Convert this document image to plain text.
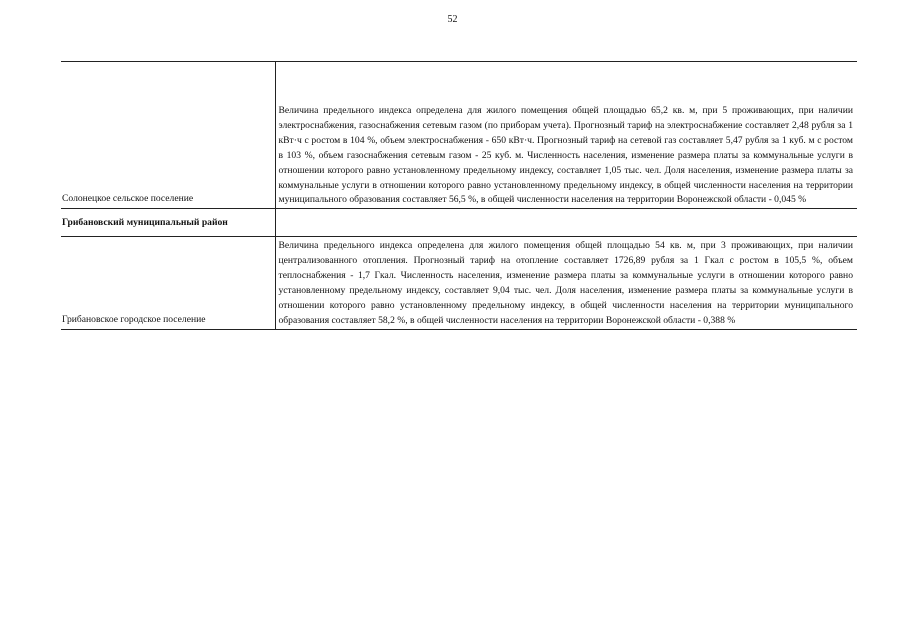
52
Солонецкое сельское поселение	Величина предельного индекса определена для жилого помещения общей площадью 65,2 кв. м, при 5 проживающих, при наличии электроснабжения, газоснабжения сетевым газом (по приборам учета). Прогнозный тариф на электроснабжение составляет 2,48 рубля за 1 кВт·ч с ростом в 104 %, объем электроснабжения - 650 кВт·ч. Прогнозный тариф на сетевой газ составляет 5,47 рубля за 1 куб. м с ростом в 103 %, объем газоснабжения сетевым газом - 25 куб. м. Численность населения, изменение размера платы за коммунальные услуги в отношении которого равно установленному предельному индексу, составляет 1,05 тыс. чел. Доля населения, изменение размера платы за коммунальные услуги в отношении которого равно установленному предельному индексу, в общей численности населения на территории муниципального образования составляет 56,5 %, в общей численности населения на территории Воронежской области - 0,045 %
Грибановский муниципальный район	
Грибановское городское поселение	Величина предельного индекса определена для жилого помещения общей площадью 54 кв. м, при 3 проживающих, при наличии централизованного отопления. Прогнозный тариф на отопление составляет 1726,89 рубля за 1 Гкал с ростом в 105,5 %, объем теплоснабжения - 1,7 Гкал. Численность населения, изменение размера платы за коммунальные услуги в отношении которого равно установленному предельному индексу, составляет 9,04 тыс. чел. Доля населения, изменение размера платы за коммунальные услуги в отношении которого равно установленному предельному индексу, в общей численности населения на территории муниципального образования составляет 58,2 %, в общей численности населения на территории Воронежской области - 0,388 %
